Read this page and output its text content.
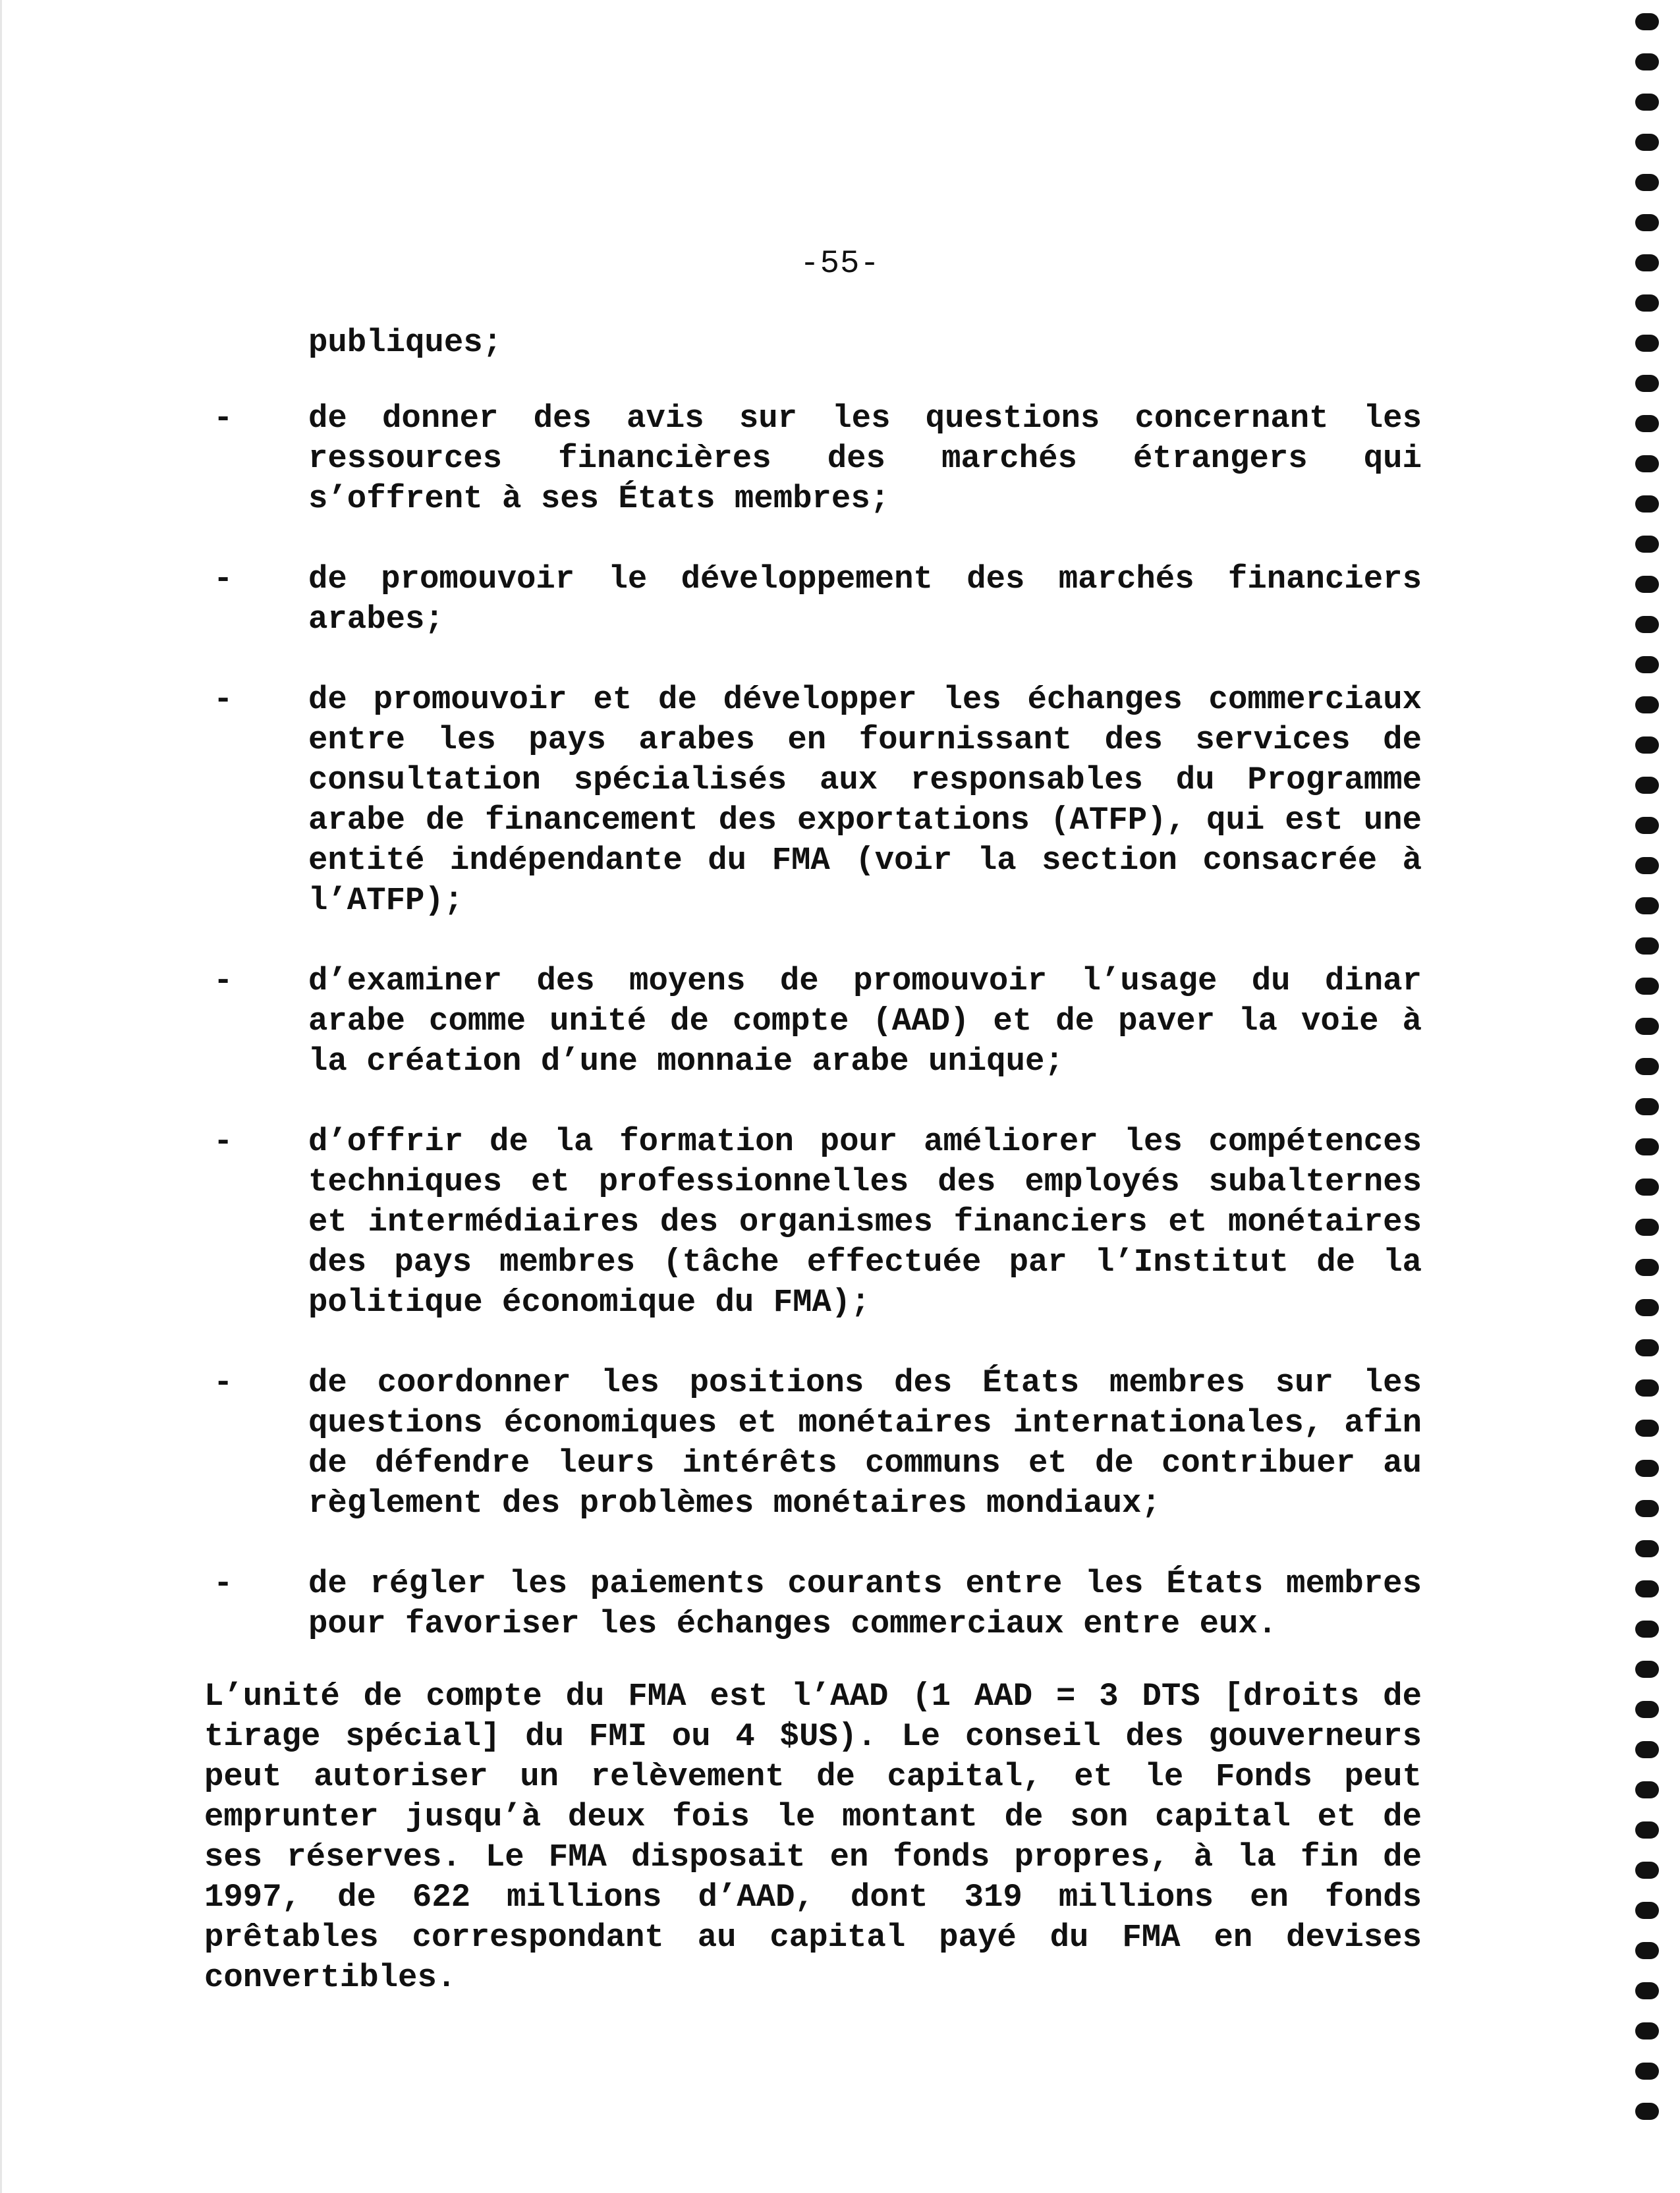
-55-

publiques;

- de donner des avis sur les questions concernant les ressources financières des marchés étrangers qui s’offrent à ses États membres;

- de promouvoir le développement des marchés financiers arabes;

- de promouvoir et de développer les échanges commerciaux entre les pays arabes en fournissant des services de consultation spécialisés aux responsables du Programme arabe de financement des exportations (ATFP), qui est une entité indépendante du FMA (voir la section consacrée à l’ATFP);

- d’examiner des moyens de promouvoir l’usage du dinar arabe comme unité de compte (AAD) et de paver la voie à la création d’une monnaie arabe unique;

- d’offrir de la formation pour améliorer les compétences techniques et professionnelles des employés subalternes et intermédiaires des organismes financiers et monétaires des pays membres (tâche effectuée par l’Institut de la politique économique du FMA);

- de coordonner les positions des États membres sur les questions économiques et monétaires internationales, afin de défendre leurs intérêts communs et de contribuer au règlement des problèmes monétaires mondiaux;

- de régler les paiements courants entre les États membres pour favoriser les échanges commerciaux entre eux.

L’unité de compte du FMA est l’AAD (1 AAD = 3 DTS [droits de tirage spécial] du FMI ou 4 $US). Le conseil des gouverneurs peut autoriser un relèvement de capital, et le Fonds peut emprunter jusqu’à deux fois le montant de son capital et de ses réserves. Le FMA disposait en fonds propres, à la fin de 1997, de 622 millions d’AAD, dont 319 millions en fonds prêtables correspondant au capital payé du FMA en devises convertibles.
